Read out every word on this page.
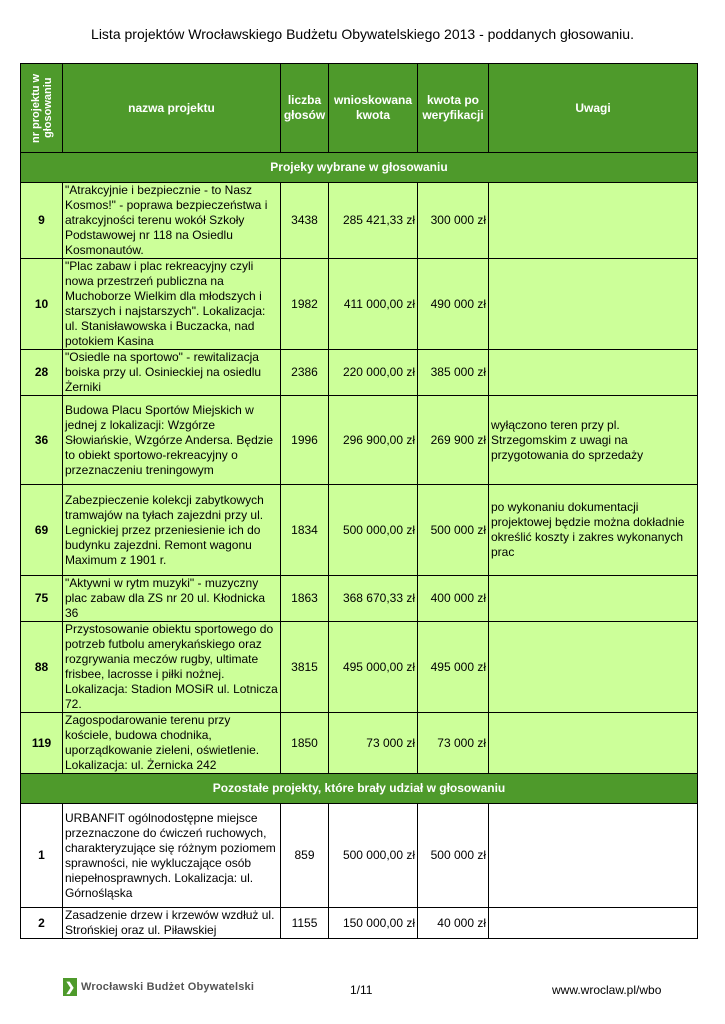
Lista projektów Wrocławskiego Budżetu Obywatelskiego 2013 - poddanych głosowaniu.
nr projektu w głosowaniu	nazwa projektu	liczba głosów	wnioskowana kwota	kwota po weryfikacji	Uwagi
Projeky wybrane w głosowaniu					
9	"Atrakcyjnie i bezpiecznie - to Nasz Kosmos!" - poprawa bezpieczeństwa i atrakcyjności terenu wokół Szkoły Podstawowej nr 118 na Osiedlu Kosmonautów.	3438	285 421,33 zł	300 000 zł	
10	"Plac zabaw i plac rekreacyjny czyli nowa przestrzeń publiczna na Muchoborze Wielkim dla młodszych i starszych i najstarszych". Lokalizacja: ul. Stanisławowska i Buczacka, nad potokiem Kasina	1982	411 000,00 zł	490 000 zł	
28	"Osiedle na sportowo" - rewitalizacja boiska przy ul. Osinieckiej na osiedlu Żerniki	2386	220 000,00 zł	385 000 zł	
36	Budowa Placu Sportów Miejskich w jednej z lokalizacji: Wzgórze Słowiańskie, Wzgórze Andersa. Będzie to obiekt sportowo-rekreacyjny o przeznaczeniu treningowym	1996	296 900,00 zł	269 900 zł	wyłączono teren przy pl. Strzegomskim z uwagi na przygotowania do sprzedaży
69	Zabezpieczenie kolekcji zabytkowych tramwajów na tyłach zajezdni przy ul. Legnickiej przez przeniesienie ich do budynku zajezdni. Remont wagonu Maximum z 1901 r.	1834	500 000,00 zł	500 000 zł	po wykonaniu dokumentacji projektowej będzie można dokładnie określić koszty i zakres wykonanych prac
75	"Aktywni w rytm muzyki" - muzyczny plac zabaw dla ZS nr 20 ul. Kłodnicka 36	1863	368 670,33 zł	400 000 zł	
88	Przystosowanie obiektu sportowego do potrzeb futbolu amerykańskiego oraz rozgrywania meczów rugby, ultimate frisbee, lacrosse i piłki nożnej. Lokalizacja: Stadion MOSiR ul. Lotnicza 72.	3815	495 000,00 zł	495 000 zł	
119	Zagospodarowanie terenu przy kościele, budowa chodnika, uporządkowanie zieleni, oświetlenie. Lokalizacja: ul. Żernicka 242	1850	73 000 zł	73 000 zł	
Pozostałe projekty, które brały udział w głosowaniu					
1	URBANFIT ogólnodostępne miejsce przeznaczone do ćwiczeń ruchowych, charakteryzujące się różnym poziomem sprawności, nie wykluczające osób niepełnosprawnych. Lokalizacja: ul. Górnośląska	859	500 000,00 zł	500 000 zł	
2	Zasadzenie drzew i krzewów wzdłuż ul. Strońskiej oraz ul. Piławskiej	1155	150 000,00 zł	40 000 zł	
❯ Wrocławski Budżet Obywatelski	1/11	www.wroclaw.pl/wbo
